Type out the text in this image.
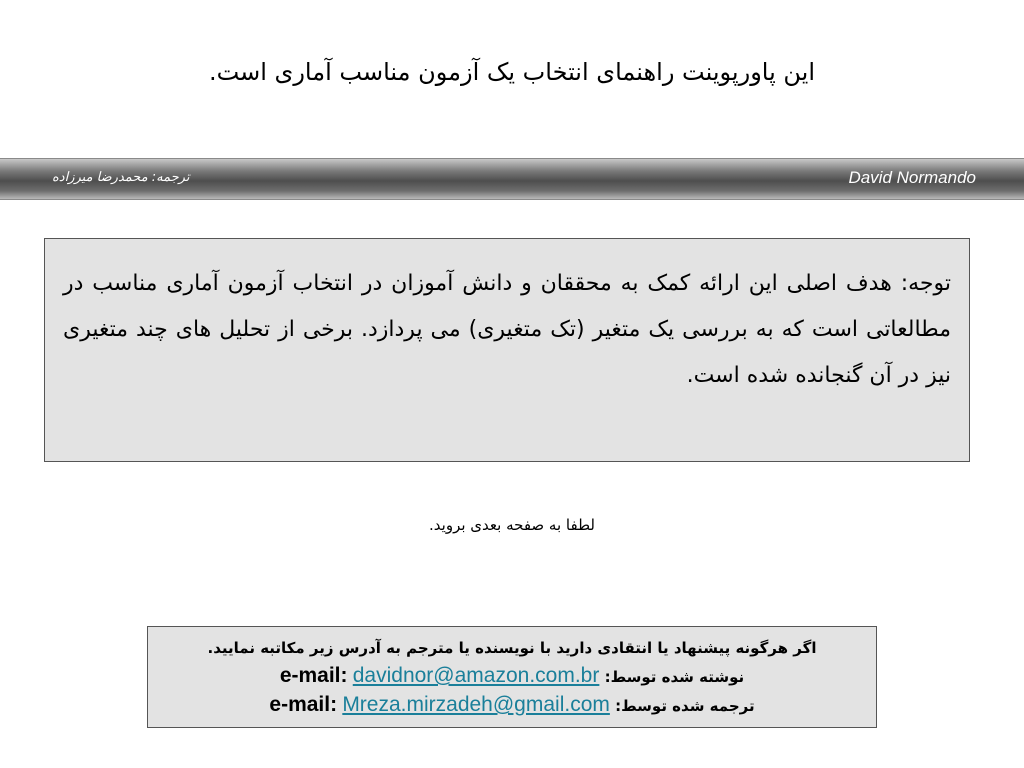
این پاورپوینت راهنمای انتخاب یک آزمون مناسب آماری است.
ترجمه: محمدرضا میرزاده	David Normando

توجه: هدف اصلی این ارائه کمک به محققان و دانش آموزان در انتخاب آزمون آماری مناسب در مطالعاتی است که به بررسی یک متغیر (تک متغیری) می پردازد. برخی از تحلیل های چند متغیری نیز در آن گنجانده شده است.

لطفا به صفحه بعدی بروید.
اگر هرگونه پیشنهاد یا انتقادی دارید با نویسنده یا مترجم به آدرس زیر مکاتبه نمایید.
نوشته شده توسط: e-mail: davidnor@amazon.com.br
ترجمه شده توسط: e-mail: Mreza.mirzadeh@gmail.com
